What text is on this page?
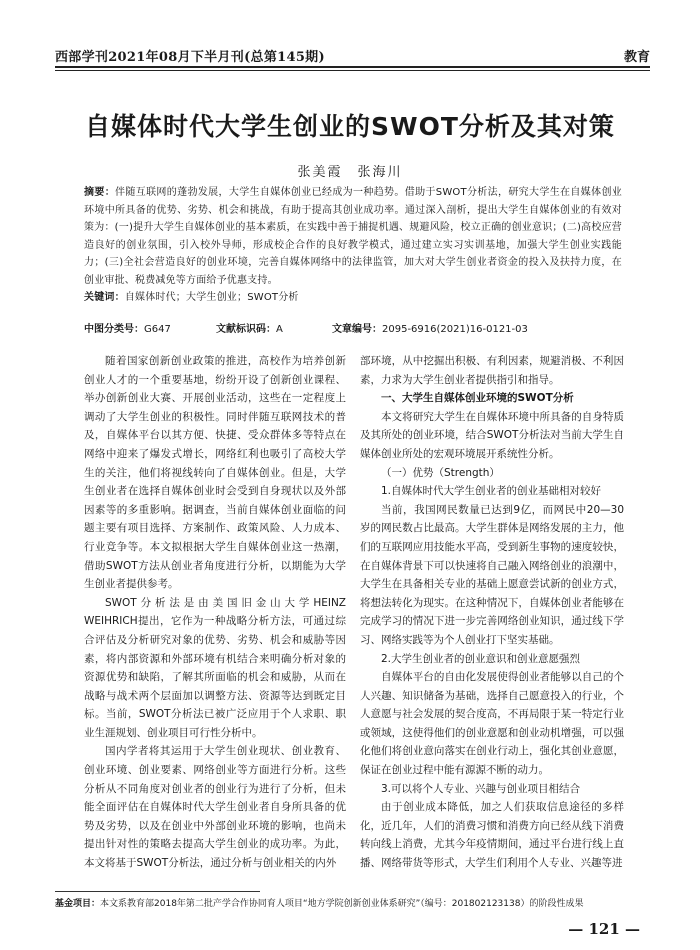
西部学刊2021年08月下半月刊(总第145期)	教育
自媒体时代大学生创业的SWOT分析及其对策
张美霞　张海川
摘要：伴随互联网的蓬勃发展，大学生自媒体创业已经成为一种趋势。借助于SWOT分析法，研究大学生在自媒体创业环境中所具备的优势、劣势、机会和挑战，有助于提高其创业成功率。通过深入剖析，提出大学生自媒体创业的有效对策为：(一)提升大学生自媒体创业的基本素质，在实践中善于捕捉机遇、规避风险，校立正确的创业意识；(二)高校应营造良好的创业氛围，引入校外导师，形成校企合作的良好教学模式，通过建立实习实训基地，加强大学生创业实践能力；(三)全社会营造良好的创业环境，完善自媒体网络中的法律监管，加大对大学生创业者资金的投入及扶持力度，在创业审批、税费减免等方面给予优惠支持。
关键词：自媒体时代；大学生创业；SWOT分析
中图分类号：G647	文献标识码：A	文章编号：2095-6916(2021)16-0121-03

随着国家创新创业政策的推进，高校作为培养创新创业人才的一个重要基地，纷纷开设了创新创业课程、举办创新创业大赛、开展创业活动，这些在一定程度上调动了大学生创业的积极性。同时伴随互联网技术的普及，自媒体平台以其方便、快捷、受众群体多等特点在网络中迎来了爆发式增长，网络红利也吸引了高校大学生的关注，他们将视线转向了自媒体创业。但是，大学生创业者在选择自媒体创业时会受到自身现状以及外部因素等的多重影响。据调查，当前自媒体创业面临的问题主要有项目选择、方案制作、政策风险、人力成本、行业竞争等。本文拟根据大学生自媒体创业这一热潮，借助SWOT方法从创业者角度进行分析，以期能为大学生创业者提供参考。

SWOT分析法是由美国旧金山大学HEINZ WEIHRICH提出，它作为一种战略分析方法，可通过综合评估及分析研究对象的优势、劣势、机会和威胁等因素，将内部资源和外部环境有机结合来明确分析对象的资源优势和缺陷，了解其所面临的机会和威胁，从而在战略与战术两个层面加以调整方法、资源等达到既定目标。当前，SWOT分析法已被广泛应用于个人求职、职业生涯规划、创业项目可行性分析中。

国内学者将其运用于大学生创业现状、创业教育、创业环境、创业要素、网络创业等方面进行分析。这些分析从不同角度对创业者的创业行为进行了分析，但未能全面评估在自媒体时代大学生创业者自身所具备的优势及劣势，以及在创业中外部创业环境的影响，也尚未提出针对性的策略去提高大学生创业的成功率。为此，本文将基于SWOT分析法，通过分析与创业相关的内外

部环境，从中挖掘出积极、有利因素，规避消极、不利因素，力求为大学生创业者提供指引和指导。

一、大学生自媒体创业环境的SWOT分析

本文将研究大学生在自媒体环境中所具备的自身特质及其所处的创业环境，结合SWOT分析法对当前大学生自媒体创业所处的宏观环境展开系统性分析。

（一）优势（Strength）
1.自媒体时代大学生创业者的创业基础相对较好

当前，我国网民数量已达到9亿，而网民中20—30岁的网民数占比最高。大学生群体是网络发展的主力，他们的互联网应用技能水平高，受到新生事物的速度较快，在自媒体背景下可以快速将自己融入网络创业的浪潮中，大学生在具备相关专业的基础上愿意尝试新的创业方式，将想法转化为现实。在这种情况下，自媒体创业者能够在完成学习的情况下进一步完善网络创业知识，通过线下学习、网络实践等为个人创业打下坚实基础。

2.大学生创业者的创业意识和创业意愿强烈

自媒体平台的自由化发展使得创业者能够以自己的个人兴趣、知识储备为基础，选择自己愿意投入的行业，个人意愿与社会发展的契合度高，不再局限于某一特定行业或领域，这使得他们的创业意愿和创业动机增强，可以强化他们将创业意向落实在创业行动上，强化其创业意愿，保证在创业过程中能有源源不断的动力。

3.可以将个人专业、兴趣与创业项目相结合

由于创业成本降低，加之人们获取信息途径的多样化，近几年，人们的消费习惯和消费方向已经从线下消费转向线上消费，尤其今年疫情期间，通过平台进行线上直播、网络带货等形式，大学生们利用个人专业、兴趣等进

基金项目：本文系教育部2018年第二批产学合作协同育人项目“地方学院创新创业体系研究”（编号：201802123138）的阶段性成果
— 121 —
